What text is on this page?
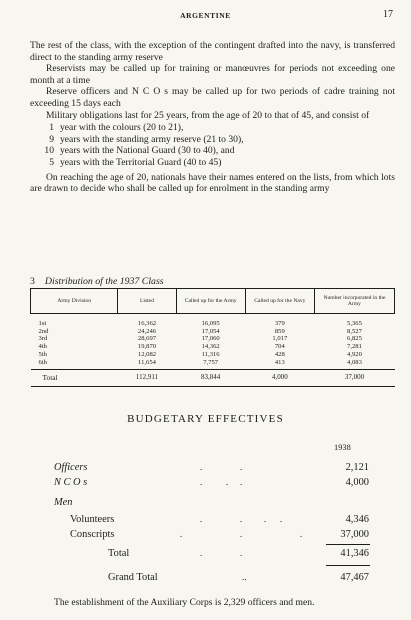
ARGENTINE	17

The rest of the class, with the exception of the contingent drafted into the navy, is transferred direct to the standing army reserve

Reservists may be called up for training or manœuvres for periods not exceeding one month at a time

Reserve officers and N C O s may be called up for two periods of cadre training not exceeding 15 days each

Military obligations last for 25 years, from the age of 20 to that of 45, and consist of

1 year with the colours (20 to 21),

9 years with the standing army reserve (21 to 30),

10 years with the National Guard (30 to 40), and

5 years with the Territorial Guard (40 to 45)

On reaching the age of 20, nationals have their names entered on the lists, from which lots are drawn to decide who shall be called up for enrolment in the standing army

3 Distribution of the 1937 Class
Army Division	Listed	Called up for the Army	Called up for the Navy	Number incorporated in the Army
1st	16,362	16,095	379	5,365
2nd	24,246	17,054	859	8,527
3rd	28,697	17,060	1,017	6,825
4th	19,870	14,362	704	7,281
5th	12,082	11,316	428	4,920
6th	11,654	7,757	413	4,083
Total	112,911	83,844	4,000	37,000
BUDGETARY EFFECTIVES
1938
Officers	.	.	2,121
N C O s	.	. .	4,000
Men
Volunteers	.	. . .	4,346
Conscripts	.	.	.	37,000
Total	.	.	41,346
Grand Total	..	47,467
The establishment of the Auxiliary Corps is 2,329 officers and men.
